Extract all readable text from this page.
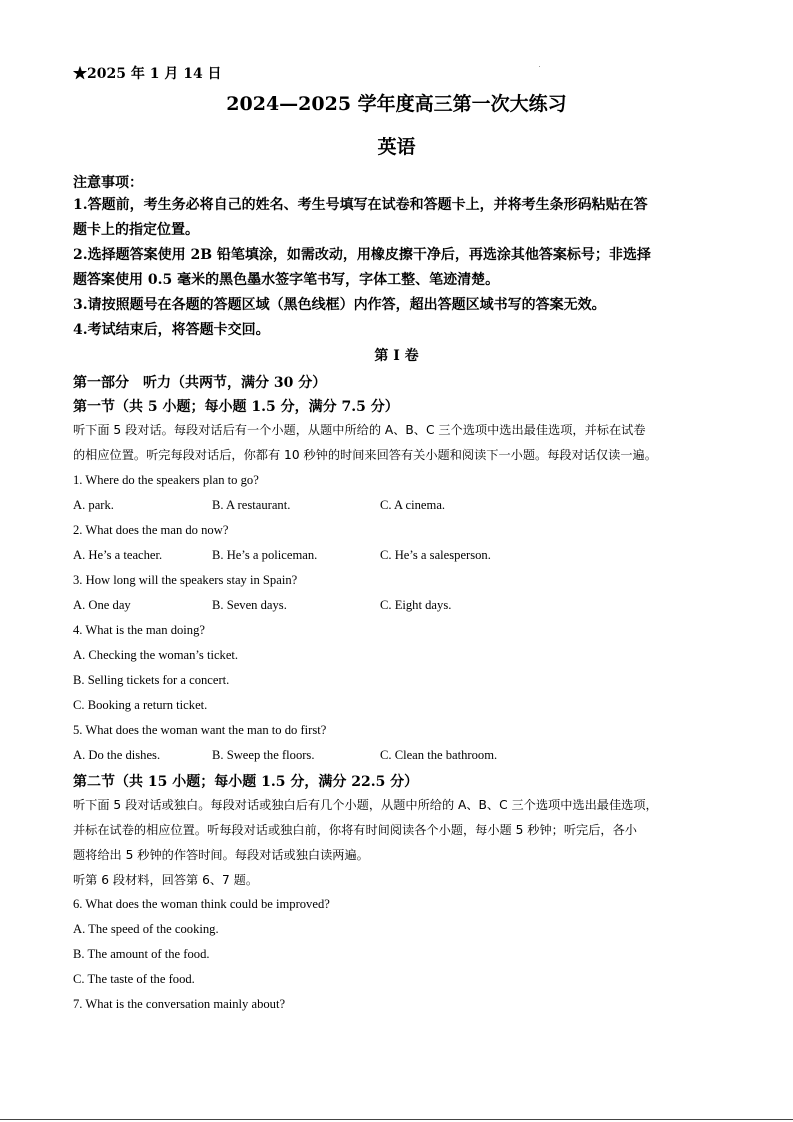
★2025 年 1 月 14 日
2024—2025 学年度高三第一次大练习
英语
注意事项：
1.答题前，考生务必将自己的姓名、考生号填写在试卷和答题卡上，并将考生条形码粘贴在答
题卡上的指定位置。
2.选择题答案使用 2B 铅笔填涂，如需改动，用橡皮擦干净后，再选涂其他答案标号；非选择
题答案使用 0.5 毫米的黑色墨水签字笔书写，字体工整、笔迹清楚。
3.请按照题号在各题的答题区域（黑色线框）内作答，超出答题区域书写的答案无效。
4.考试结束后，将答题卡交回。
第 I 卷
第一部分　听力（共两节，满分 30 分）
第一节（共 5 小题；每小题 1.5 分，满分 7.5 分）
听下面 5 段对话。每段对话后有一个小题，从题中所给的 A、B、C 三个选项中选出最佳选项，并标在试卷
的相应位置。听完每段对话后，你都有 10 秒钟的时间来回答有关小题和阅读下一小题。每段对话仅读一遍。
1. Where do the speakers plan to go?
A. park.	B. A restaurant.	C. A cinema.
2. What does the man do now?
A. He’s a teacher.	B. He’s a policeman.	C. He’s a salesperson.
3. How long will the speakers stay in Spain?
A. One day	B. Seven days.	C. Eight days.
4. What is the man doing?
A. Checking the woman’s ticket.
B. Selling tickets for a concert.
C. Booking a return ticket.
5. What does the woman want the man to do first?
A. Do the dishes.	B. Sweep the floors.	C. Clean the bathroom.
第二节（共 15 小题；每小题 1.5 分，满分 22.5 分）
听下面 5 段对话或独白。每段对话或独白后有几个小题，从题中所给的 A、B、C 三个选项中选出最佳选项，
并标在试卷的相应位置。听每段对话或独白前，你将有时间阅读各个小题，每小题 5 秒钟；听完后，各小
题将给出 5 秒钟的作答时间。每段对话或独白读两遍。
听第 6 段材料，回答第 6、7 题。
6. What does the woman think could be improved?
A. The speed of the cooking.
B. The amount of the food.
C. The taste of the food.
7. What is the conversation mainly about?
